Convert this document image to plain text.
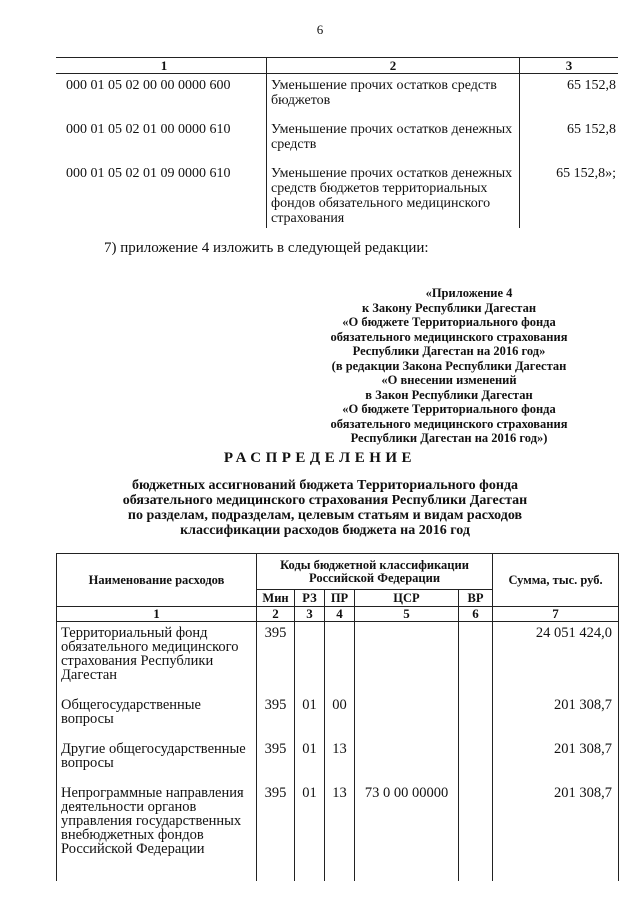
6
1	2	3
000 01 05 02 00 00 0000 600	Уменьшение прочих остатков средств бюджетов	65 152,8
000 01 05 02 01 00 0000 610	Уменьшение прочих остатков денежных средств	65 152,8
000 01 05 02 01 09 0000 610	Уменьшение прочих остатков денежных средств бюджетов территориальных фондов обязательного медицинского страхования	65 152,8»;
7) приложение 4 изложить в следующей редакции:
«Приложение 4
к Закону Республики Дагестан
«О бюджете Территориального фонда
обязательного медицинского страхования
Республики Дагестан на 2016 год»
(в редакции Закона Республики Дагестан
«О внесении изменений
в Закон Республики Дагестан
«О бюджете Территориального фонда
обязательного медицинского страхования
Республики Дагестан на 2016 год»)
РАСПРЕДЕЛЕНИЕ
бюджетных ассигнований бюджета Территориального фонда
обязательного медицинского страхования Республики Дагестан
по разделам, подразделам, целевым статьям и видам расходов
классификации расходов бюджета на 2016 год
Наименование расходов	Коды бюджетной классификации Российской Федерации					Сумма, тыс. руб.
	Мин	РЗ	ПР	ЦСР	ВР	
1	2	3	4	5	6	7
Территориальный фонд обязательного медицинского страхования Республики Дагестан	395					24 051 424,0
Общегосударственные вопросы	395	01	00			201 308,7
Другие общегосударственные вопросы	395	01	13			201 308,7
Непрограммные направления деятельности органов управления государственных внебюджетных фондов Российской Федерации	395	01	13	73 0 00 00000		201 308,7
